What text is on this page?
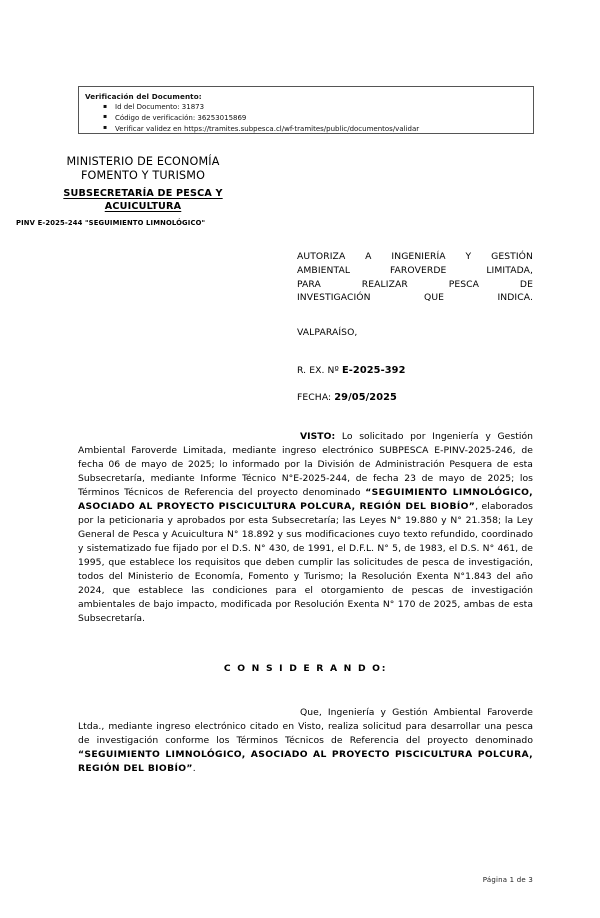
Verificación del Documento:
▪ Id del Documento: 31873
▪ Código de verificación: 36253015869
▪ Verificar validez en https://tramites.subpesca.cl/wf-tramites/public/documentos/validar
MINISTERIO DE ECONOMÍA
FOMENTO Y TURISMO
SUBSECRETARÍA DE PESCA Y
ACUICULTURA
PINV E-2025-244 "SEGUIMIENTO LIMNOLÓGICO"
AUTORIZA A INGENIERÍA Y GESTIÓN
AMBIENTAL FAROVERDE LIMITADA,
PARA REALIZAR PESCA DE
INVESTIGACIÓN QUE INDICA.
VALPARAÍSO,
R. EX. Nº E-2025-392
FECHA: 29/05/2025

VISTO: Lo solicitado por Ingeniería y Gestión Ambiental Faroverde Limitada, mediante ingreso electrónico SUBPESCA E-PINV-2025-246, de fecha 06 de mayo de 2025; lo informado por la División de Administración Pesquera de esta Subsecretaría, mediante Informe Técnico N°E-2025-244, de fecha 23 de mayo de 2025; los Términos Técnicos de Referencia del proyecto denominado “SEGUIMIENTO LIMNOLÓGICO, ASOCIADO AL PROYECTO PISCICULTURA POLCURA, REGIÓN DEL BIOBÍO”, elaborados por la peticionaria y aprobados por esta Subsecretaría; las Leyes N° 19.880 y N° 21.358; la Ley General de Pesca y Acuicultura N° 18.892 y sus modificaciones cuyo texto refundido, coordinado y sistematizado fue fijado por el D.S. N° 430, de 1991, el D.F.L. N° 5, de 1983, el D.S. N° 461, de 1995, que establece los requisitos que deben cumplir las solicitudes de pesca de investigación, todos del Ministerio de Economía, Fomento y Turismo; la Resolución Exenta N°1.843 del año 2024, que establece las condiciones para el otorgamiento de pescas de investigación ambientales de bajo impacto, modificada por Resolución Exenta N° 170 de 2025, ambas de esta Subsecretaría.

C O N S I D E R A N D O:

Que, Ingeniería y Gestión Ambiental Faroverde Ltda., mediante ingreso electrónico citado en Visto, realiza solicitud para desarrollar una pesca de investigación conforme los Términos Técnicos de Referencia del proyecto denominado “SEGUIMIENTO LIMNOLÓGICO, ASOCIADO AL PROYECTO PISCICULTURA POLCURA, REGIÓN DEL BIOBÍO”.

Página 1 de 3
